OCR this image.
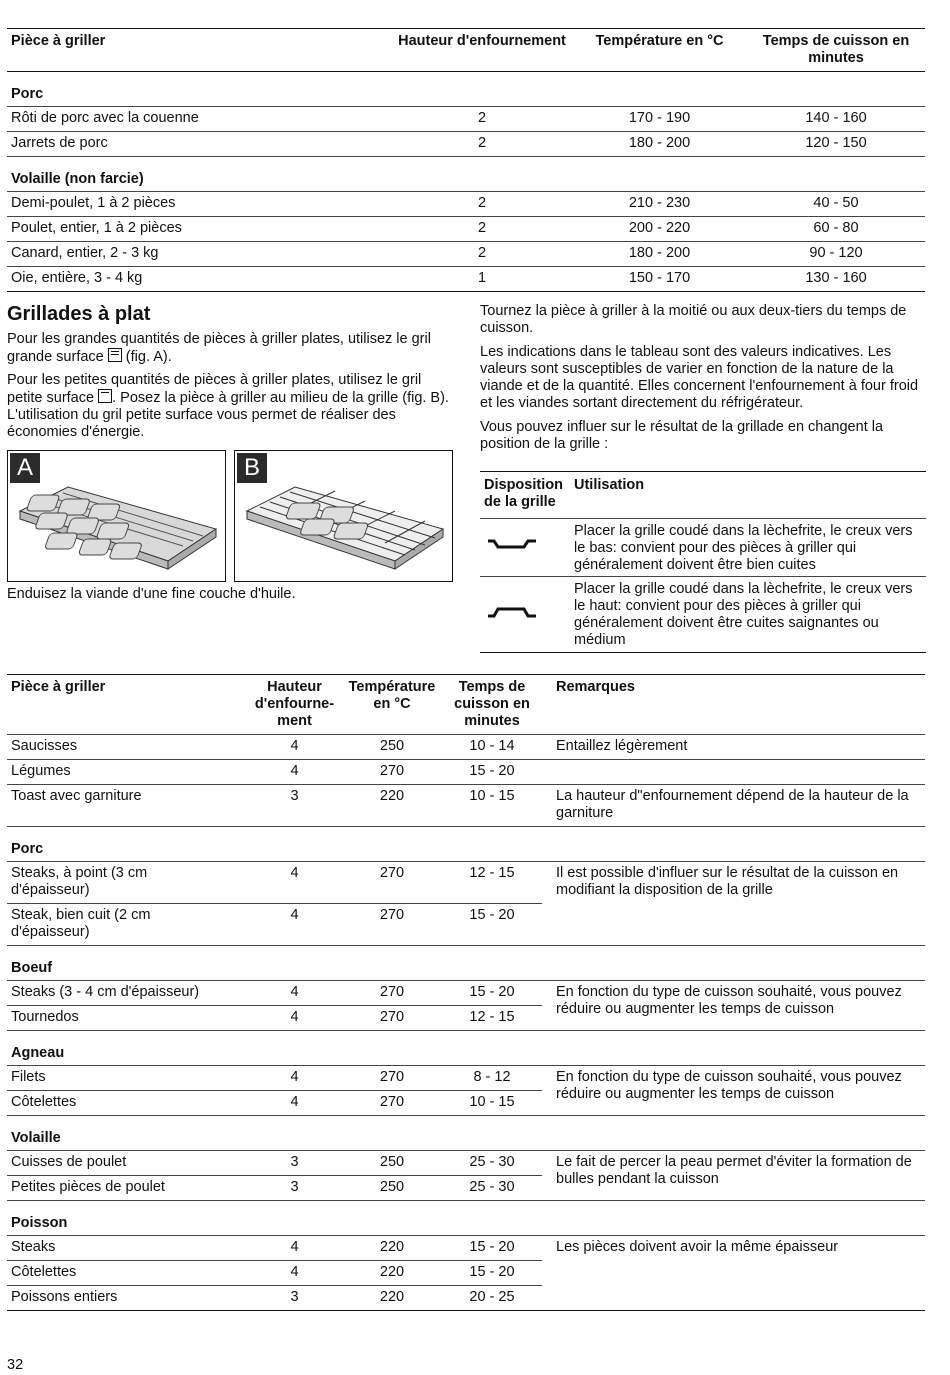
Pièce à griller	Hauteur d'enfournement	Température en °C	Temps de cuisson en minutes
Porc			
Rôti de porc avec la couenne	2	170 - 190	140 - 160
Jarrets de porc	2	180 - 200	120 - 150
Volaille (non farcie)			
Demi-poulet, 1 à 2 pièces	2	210 - 230	40 - 50
Poulet, entier, 1 à 2 pièces	2	200 - 220	60 - 80
Canard, entier, 2 - 3 kg	2	180 - 200	90 - 120
Oie, entière, 3 - 4 kg	1	150 - 170	130 - 160
Grillades à plat

Pour les grandes quantités de pièces à griller plates, utilisez le gril grande surface (fig. A).

Pour les petites quantités de pièces à griller plates, utilisez le gril petite surface . Posez la pièce à griller au milieu de la grille (fig. B). L'utilisation du gril petite surface vous permet de réaliser des économies d'énergie.

A	B

Enduisez la viande d'une fine couche d'huile.

Tournez la pièce à griller à la moitié ou aux deux-tiers du temps de cuisson.

Les indications dans le tableau sont des valeurs indicatives. Les valeurs sont susceptibles de varier en fonction de la nature de la viande et de la quantité. Elles concernent l'enfournement à four froid et les viandes sortant directement du réfrigérateur.

Vous pouvez influer sur le résultat de la grillade en changent la position de la grille :

Disposition de la grille	Utilisation
	Placer la grille coudé dans la lèchefrite, le creux vers le bas: convient pour des pièces à griller qui généralement doivent être bien cuites
	Placer la grille coudé dans la lèchefrite, le creux vers le haut: convient pour des pièces à griller qui généralement doivent être cuites saignantes ou médium
Pièce à griller	Hauteur d'enfourne-ment	Température en °C	Temps de cuisson en minutes	Remarques
Saucisses	4	250	10 - 14	Entaillez légèrement
Légumes	4	270	15 - 20	
Toast avec garniture	3	220	10 - 15	La hauteur d"enfournement dépend de la hauteur de la garniture
Porc				
Steaks, à point (3 cm d'épaisseur)	4	270	12 - 15	Il est possible d'influer sur le résultat de la cuisson en modifiant la disposition de la grille
Steak, bien cuit (2 cm d'épaisseur)	4	270	15 - 20	
Boeuf				
Steaks (3 - 4 cm d'épaisseur)	4	270	15 - 20	En fonction du type de cuisson souhaité, vous pouvez réduire ou augmenter les temps de cuisson
Tournedos	4	270	12 - 15	
Agneau				
Filets	4	270	8 - 12	En fonction du type de cuisson souhaité, vous pouvez réduire ou augmenter les temps de cuisson
Côtelettes	4	270	10 - 15	
Volaille				
Cuisses de poulet	3	250	25 - 30	Le fait de percer la peau permet d'éviter la formation de bulles pendant la cuisson
Petites pièces de poulet	3	250	25 - 30	
Poisson				
Steaks	4	220	15 - 20	Les pièces doivent avoir la même épaisseur
Côtelettes	4	220	15 - 20	
Poissons entiers	3	220	20 - 25	
32
